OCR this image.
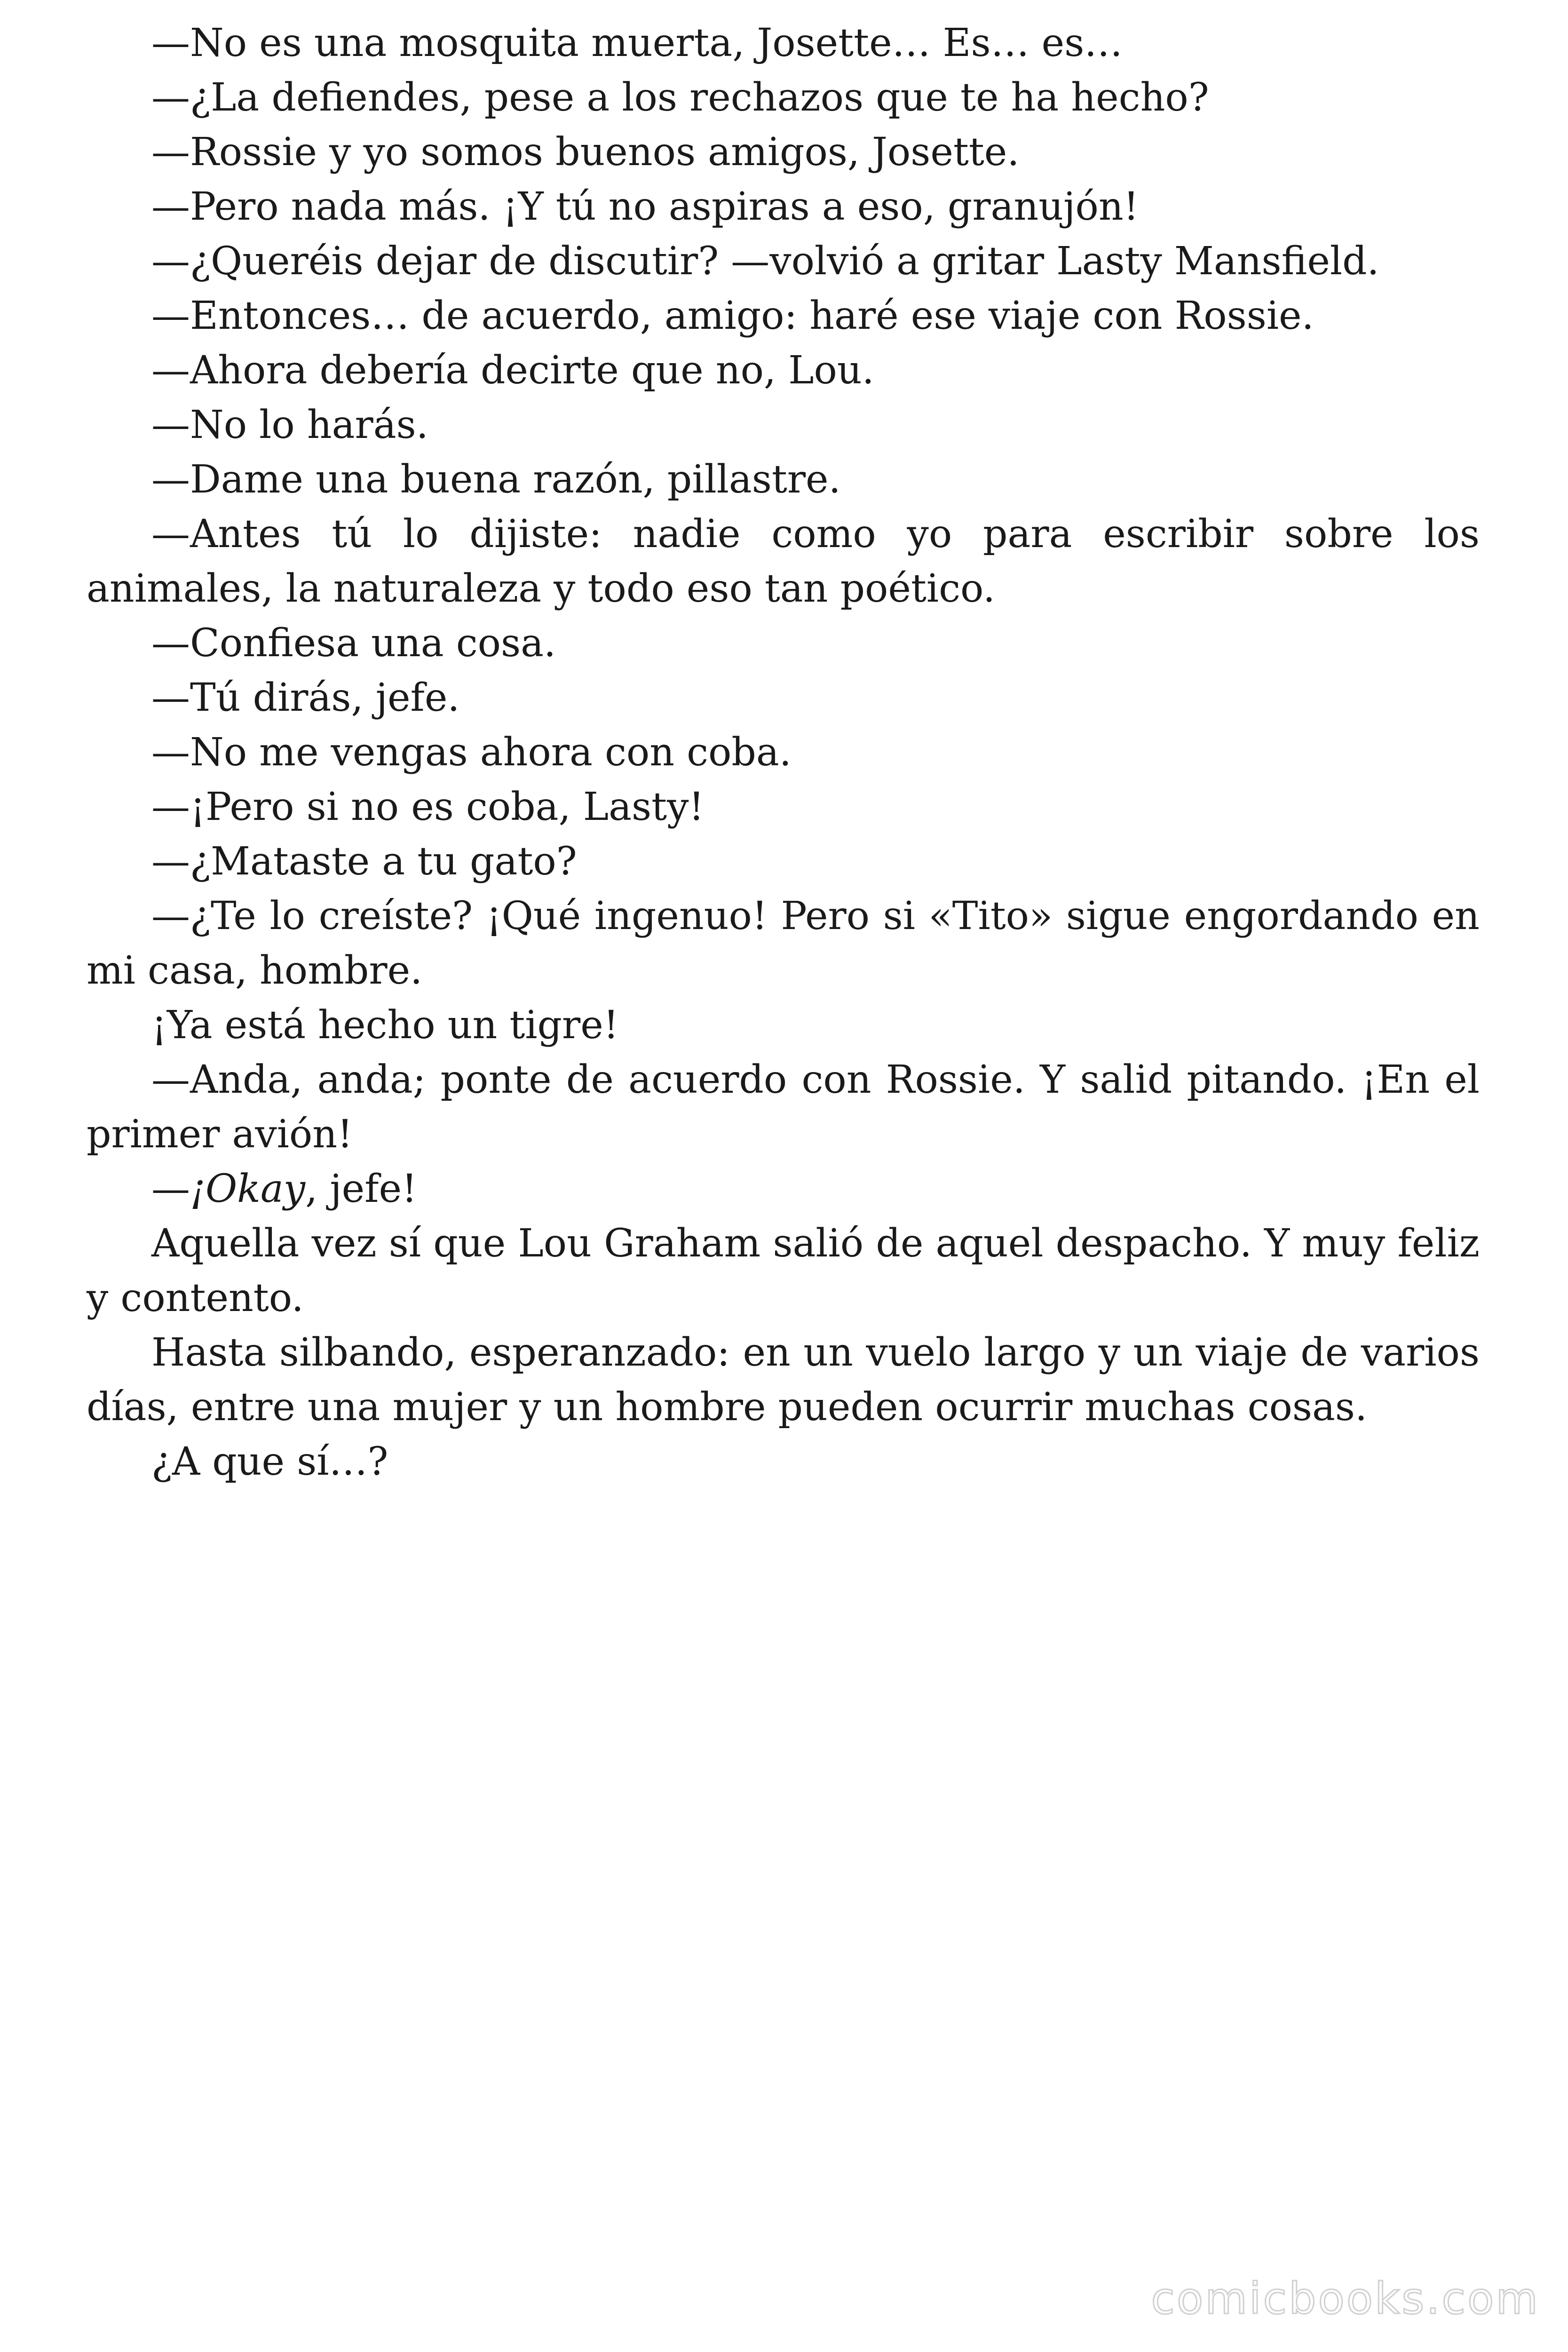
—No es una mosquita muerta, Josette… Es… es…

—¿La defiendes, pese a los rechazos que te ha hecho?

—Rossie y yo somos buenos amigos, Josette.

—Pero nada más. ¡Y tú no aspiras a eso, granujón!

—¿Queréis dejar de discutir? —volvió a gritar Lasty Mansfield.

—Entonces… de acuerdo, amigo: haré ese viaje con Rossie.

—Ahora debería decirte que no, Lou.

—No lo harás.

—Dame una buena razón, pillastre.

—Antes tú lo dijiste: nadie como yo para escribir sobre los animales, la naturaleza y todo eso tan poético.

—Confiesa una cosa.

—Tú dirás, jefe.

—No me vengas ahora con coba.

—¡Pero si no es coba, Lasty!

—¿Mataste a tu gato?

—¿Te lo creíste? ¡Qué ingenuo! Pero si «Tito» sigue engordando en mi casa, hombre.

¡Ya está hecho un tigre!

—Anda, anda; ponte de acuerdo con Rossie. Y salid pitando. ¡En el primer avión!

—¡Okay, jefe!

Aquella vez sí que Lou Graham salió de aquel despacho. Y muy feliz y contento.

Hasta silbando, esperanzado: en un vuelo largo y un viaje de varios días, entre una mujer y un hombre pueden ocurrir muchas cosas.

¿A que sí…?

comicbooks.com
